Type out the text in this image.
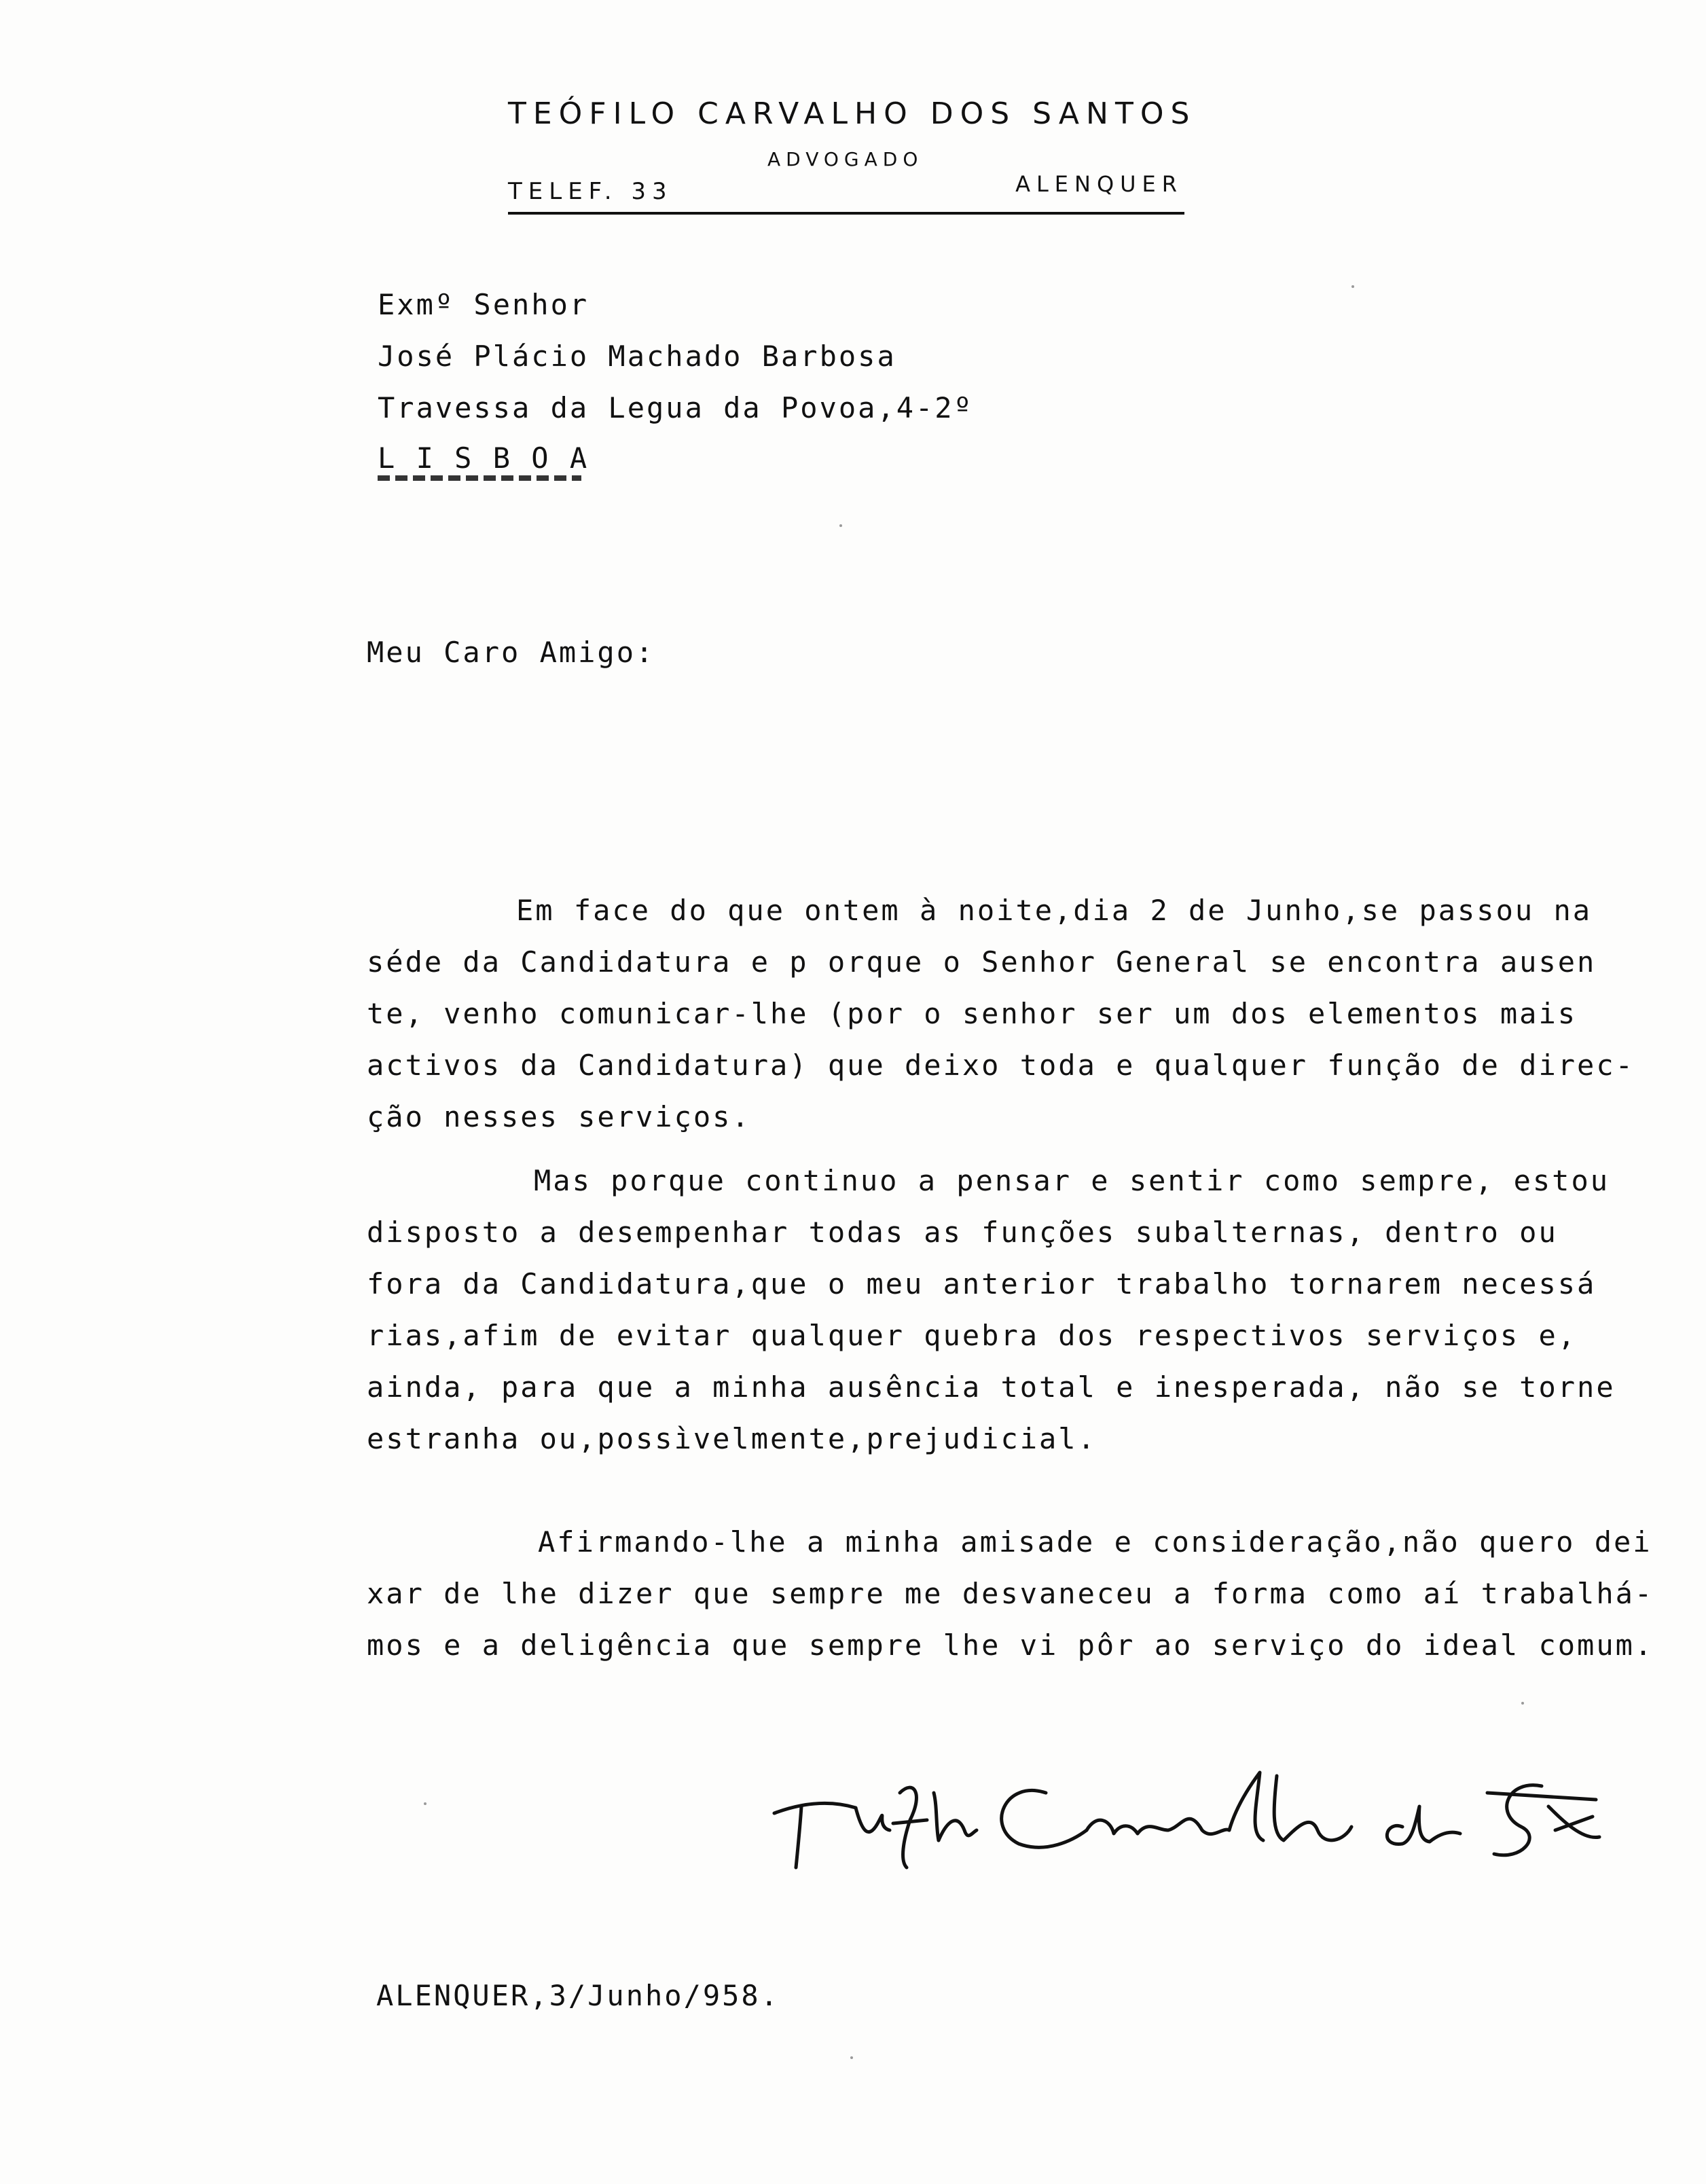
TEÓFILO CARVALHO DOS SANTOS
ADVOGADO
TELEF. 33	ALENQUER
Exmº Senhor
José Plácio Machado Barbosa
Travessa da Legua da Povoa,4-2º
L I S B O A
Meu Caro Amigo:
Em face do que ontem à noite,dia 2 de Junho,se passou na
séde da Candidatura e p orque o Senhor General se encontra ausen
te, venho comunicar-lhe (por o senhor ser um dos elementos mais
activos da Candidatura) que deixo toda e qualquer função de direc-
ção nesses serviços.
Mas porque continuo a pensar e sentir como sempre, estou
disposto a desempenhar todas as funções subalternas, dentro ou
fora da Candidatura,que o meu anterior trabalho tornarem necessá
rias,afim de evitar qualquer quebra dos respectivos serviços e,
ainda, para que a minha ausência total e inesperada, não se torne
estranha ou,possìvelmente,prejudicial.
Afirmando-lhe a minha amisade e consideração,não quero dei
xar de lhe dizer que sempre me desvaneceu a forma como aí trabalhá-
mos e a deligência que sempre lhe vi pôr ao serviço do ideal comum.
ALENQUER,3/Junho/958.
